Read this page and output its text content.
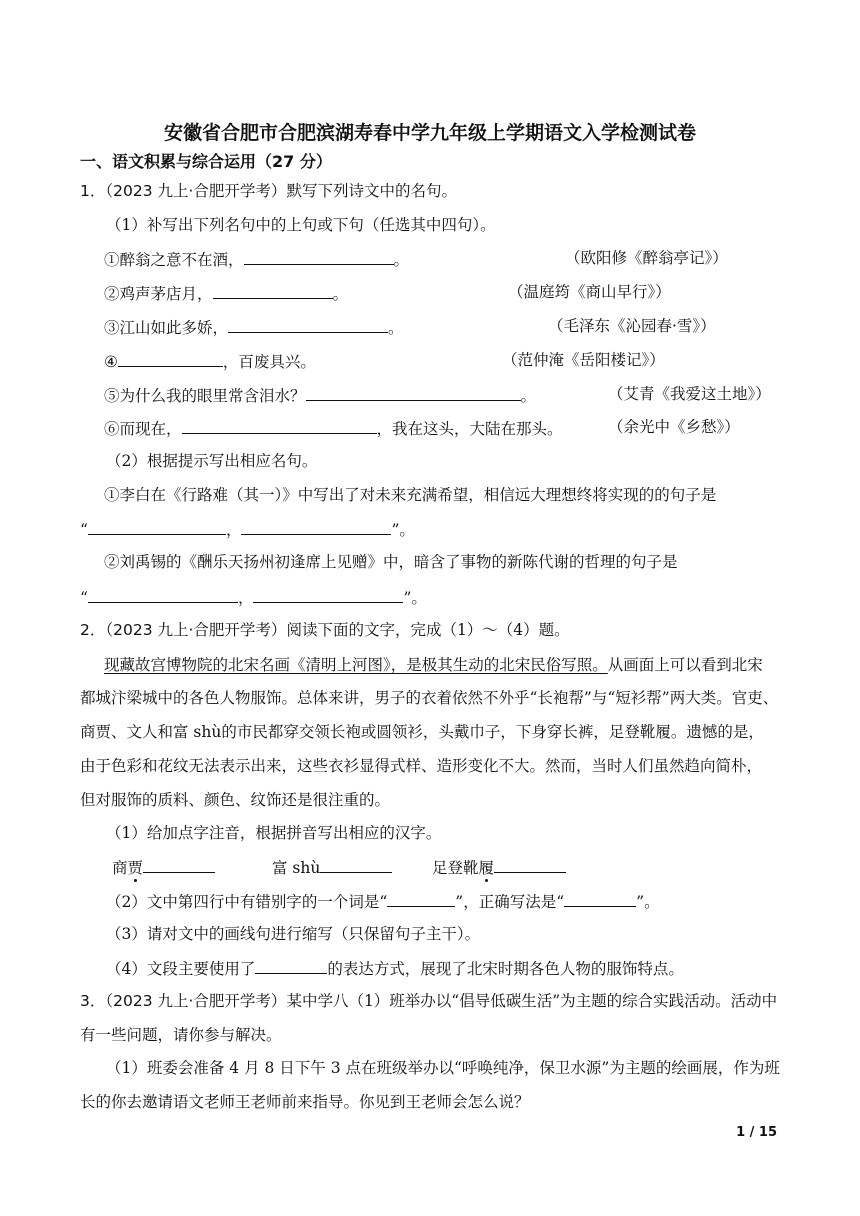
安徽省合肥市合肥滨湖寿春中学九年级上学期语文入学检测试卷
一、语文积累与综合运用（27 分）
1．（2023 九上·合肥开学考）默写下列诗文中的名句。
（1）补写出下列名句中的上句或下句（任选其中四句）。
①醉翁之意不在酒，	。	（欧阳修《醉翁亭记》）
②鸡声茅店月，	。	（温庭筠《商山早行》）
③江山如此多娇，	。	（毛泽东《沁园春·雪》）
④	，百废具兴。	（范仲淹《岳阳楼记》）
⑤为什么我的眼里常含泪水？	。	（艾青《我爱这土地》）
⑥而现在，	，我在这头，大陆在那头。	（余光中《乡愁》）
（2）根据提示写出相应名句。
①李白在《行路难（其一）》中写出了对未来充满希望，相信远大理想终将实现的的句子是
“	，	”。
②刘禹锡的《酬乐天扬州初逢席上见赠》中，暗含了事物的新陈代谢的哲理的句子是
“	，	”。
2．（2023 九上·合肥开学考）阅读下面的文字，完成（1）～（4）题。
现藏故宫博物院的北宋名画《清明上河图》，是极其生动的北宋民俗写照。从画面上可以看到北宋
都城汴梁城中的各色人物服饰。总体来讲，男子的衣着依然不外乎“长袍帮”与“短衫帮”两大类。官吏、
商贾、文人和富 shù的市民都穿交领长袍或圆领衫，头戴巾子，下身穿长裤，足登靴履。遗憾的是，
由于色彩和花纹无法表示出来，这些衣衫显得式样、造形变化不大。然而，当时人们虽然趋向简朴，
但对服饰的质料、颜色、纹饰还是很注重的。
（1）给加点字注音，根据拼音写出相应的汉字。
商贾	富 shù	足登靴履
（2）文中第四行中有错别字的一个词是“	”，正确写法是“	”。
（3）请对文中的画线句进行缩写（只保留句子主干）。
（4）文段主要使用了	的表达方式，展现了北宋时期各色人物的服饰特点。
3．（2023 九上·合肥开学考）某中学八（1）班举办以“倡导低碳生活”为主题的综合实践活动。活动中
有一些问题，请你参与解决。
（1）班委会准备 4 月 8 日下午 3 点在班级举办以“呼唤纯净，保卫水源”为主题的绘画展，作为班
长的你去邀请语文老师王老师前来指导。你见到王老师会怎么说？
1 / 15
